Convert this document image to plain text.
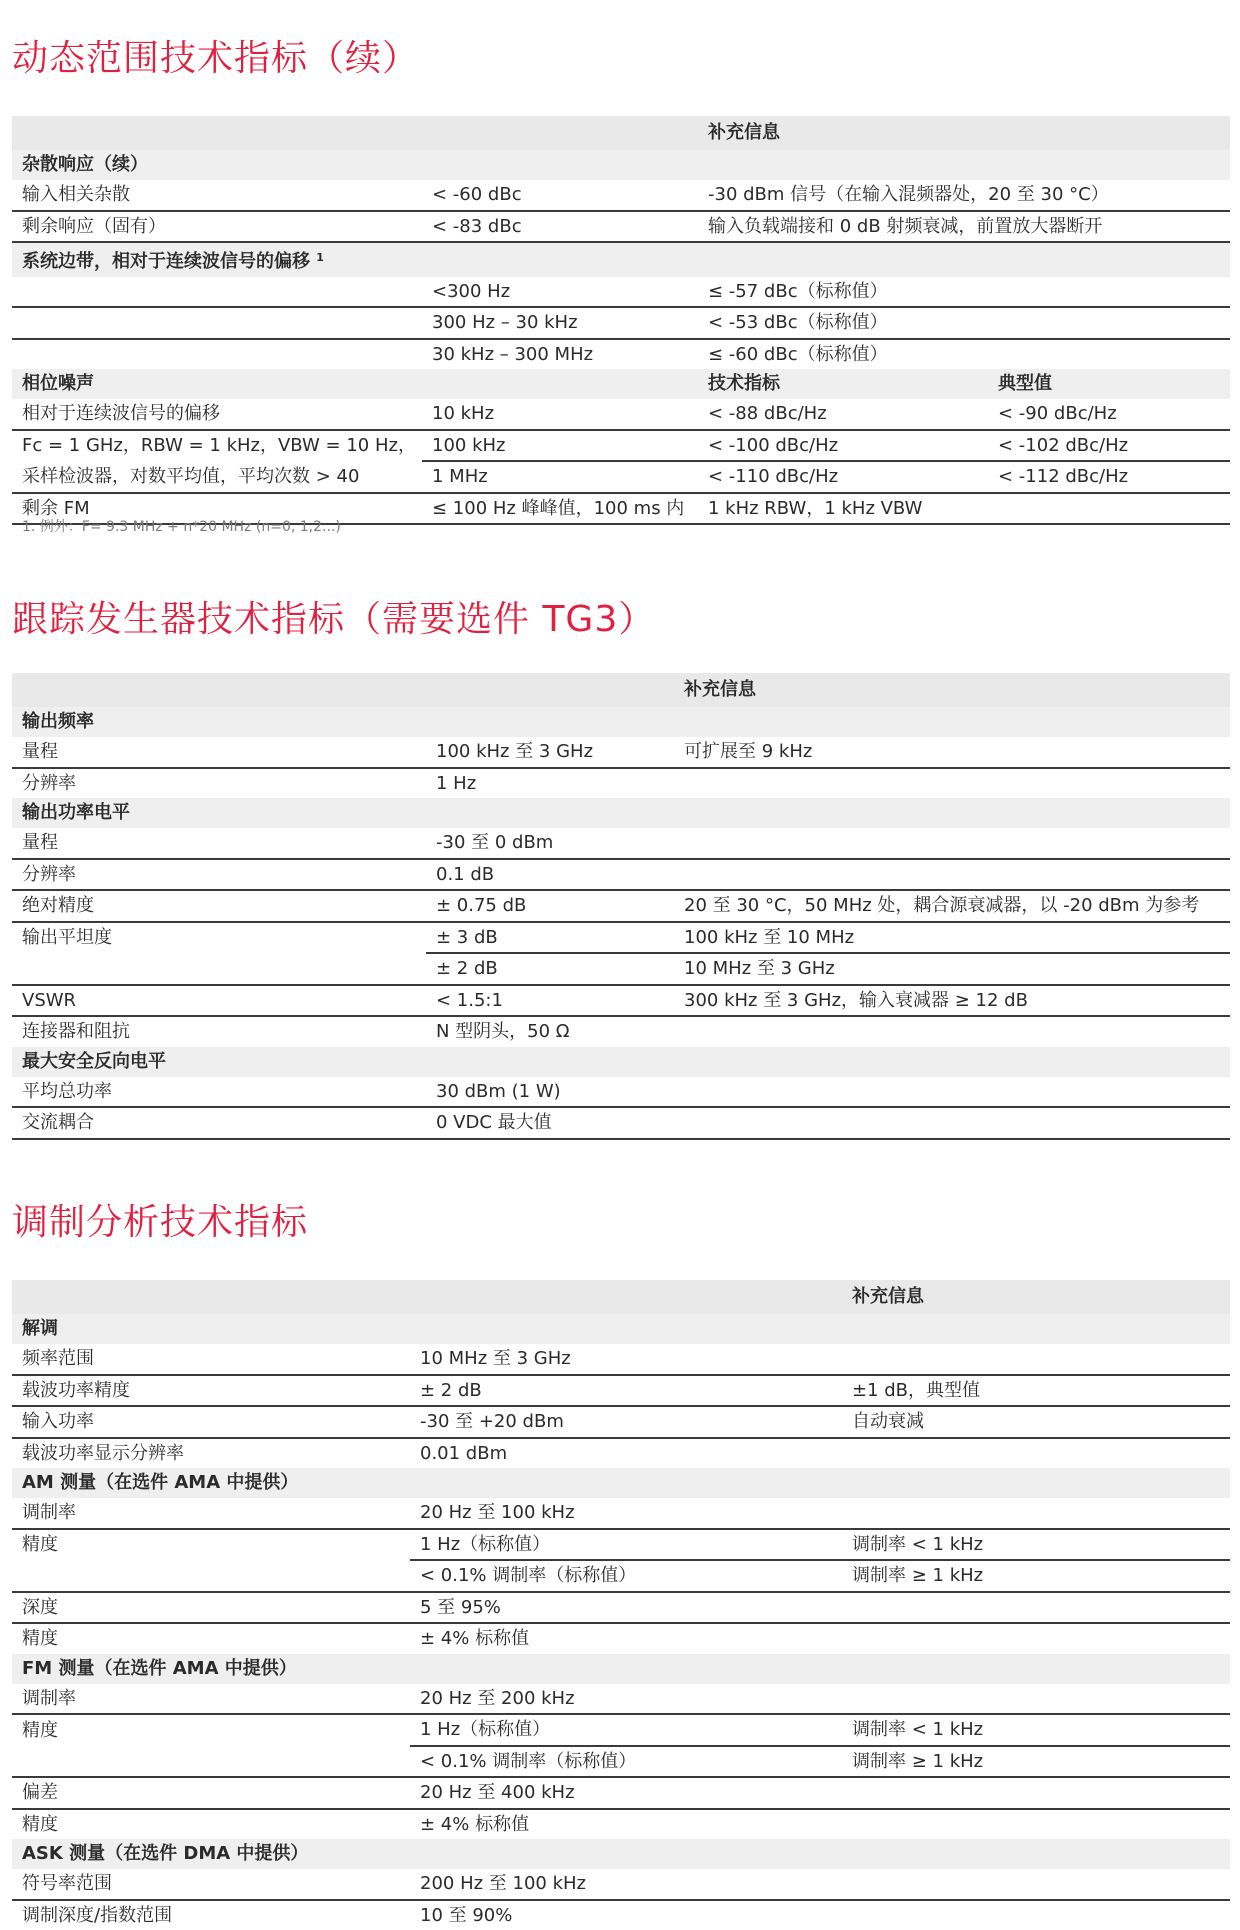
动态范围技术指标（续）
		补充信息	
杂散响应（续）			
输入相关杂散	< -60 dBc	-30 dBm 信号（在输入混频器处，20 至 30 °C）	
剩余响应（固有）	< -83 dBc	输入负载端接和 0 dB 射频衰减，前置放大器断开	
系统边带，相对于连续波信号的偏移 $^1$
	<300 Hz	≤ -57 dBc（标称值）	
	300 Hz – 30 kHz	< -53 dBc（标称值）	
	30 kHz – 300 MHz	≤ -60 dBc（标称值）	
相位噪声		技术指标	典型值
相对于连续波信号的偏移	10 kHz	< -88 dBc/Hz	< -90 dBc/Hz
Fc = 1 GHz，RBW = 1 kHz，VBW = 10 Hz，	100 kHz	< -100 dBc/Hz	< -102 dBc/Hz
采样检波器，对数平均值，平均次数 > 40	1 MHz	< -110 dBc/Hz	< -112 dBc/Hz
剩余 FM	≤ 100 Hz 峰峰值，100 ms 内	1 kHz RBW，1 kHz VBW	
1. 例外：F= 9.3 MHz + n*20 MHz (n=0, 1,2...)
跟踪发生器技术指标（需要选件 TG3）
		补充信息
输出频率		
量程	100 kHz 至 3 GHz	可扩展至 9 kHz
分辨率	1 Hz	
输出功率电平		
量程	-30 至 0 dBm	
分辨率	0.1 dB	
绝对精度	± 0.75 dB	20 至 30 °C，50 MHz 处，耦合源衰减器，以 -20 dBm 为参考
输出平坦度	± 3 dB	100 kHz 至 10 MHz
	± 2 dB	10 MHz 至 3 GHz
VSWR	< 1.5:1	300 kHz 至 3 GHz，输入衰减器 ≥ 12 dB
连接器和阻抗	N 型阴头，50 Ω	
最大安全反向电平		
平均总功率	30 dBm (1 W)	
交流耦合	0 VDC 最大值	
调制分析技术指标
		补充信息
解调		
频率范围	10 MHz 至 3 GHz	
载波功率精度	± 2 dB	±1 dB，典型值
输入功率	-30 至 +20 dBm	自动衰减
载波功率显示分辨率	0.01 dBm	
AM 测量（在选件 AMA 中提供）		
调制率	20 Hz 至 100 kHz	
精度	1 Hz（标称值）	调制率 < 1 kHz
	< 0.1% 调制率（标称值）	调制率 ≥ 1 kHz
深度	5 至 95%	
精度	± 4% 标称值	
FM 测量（在选件 AMA 中提供）		
调制率	20 Hz 至 200 kHz	
精度	1 Hz（标称值）	调制率 < 1 kHz
	< 0.1% 调制率（标称值）	调制率 ≥ 1 kHz
偏差	20 Hz 至 400 kHz	
精度	± 4% 标称值	
ASK 测量（在选件 DMA 中提供）		
符号率范围	200 Hz 至 100 kHz	
调制深度/指数范围	10 至 90%	
